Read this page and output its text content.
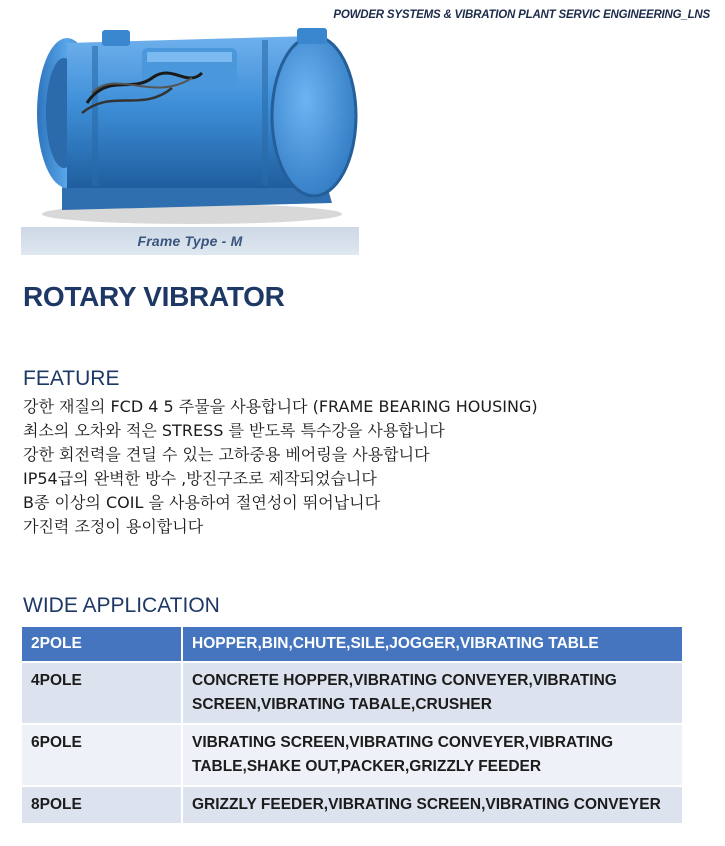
POWDER SYSTEMS & VIBRATION PLANT SERVIC ENGINEERING_LNS
Frame Type - M
ROTARY VIBRATOR
FEATURE
강한 재질의 FCD 4 5 주물을 사용합니다 (FRAME BEARING HOUSING)
최소의 오차와 적은 STRESS 를 받도록 특수강을 사용합니다
강한 회전력을 견딜 수 있는 고하중용 베어링을 사용합니다
IP54급의 완벽한 방수 ,방진구조로 제작되었습니다
B종 이상의 COIL 을 사용하여 절연성이 뛰어납니다
가진력 조정이 용이합니다
WIDE APPLICATION
2POLE	HOPPER,BIN,CHUTE,SILE,JOGGER,VIBRATING TABLE
4POLE	CONCRETE HOPPER,VIBRATING CONVEYER,VIBRATING SCREEN,VIBRATING TABALE,CRUSHER
6POLE	VIBRATING SCREEN,VIBRATING CONVEYER,VIBRATING TABLE,SHAKE OUT,PACKER,GRIZZLY FEEDER
8POLE	GRIZZLY FEEDER,VIBRATING SCREEN,VIBRATING CONVEYER
